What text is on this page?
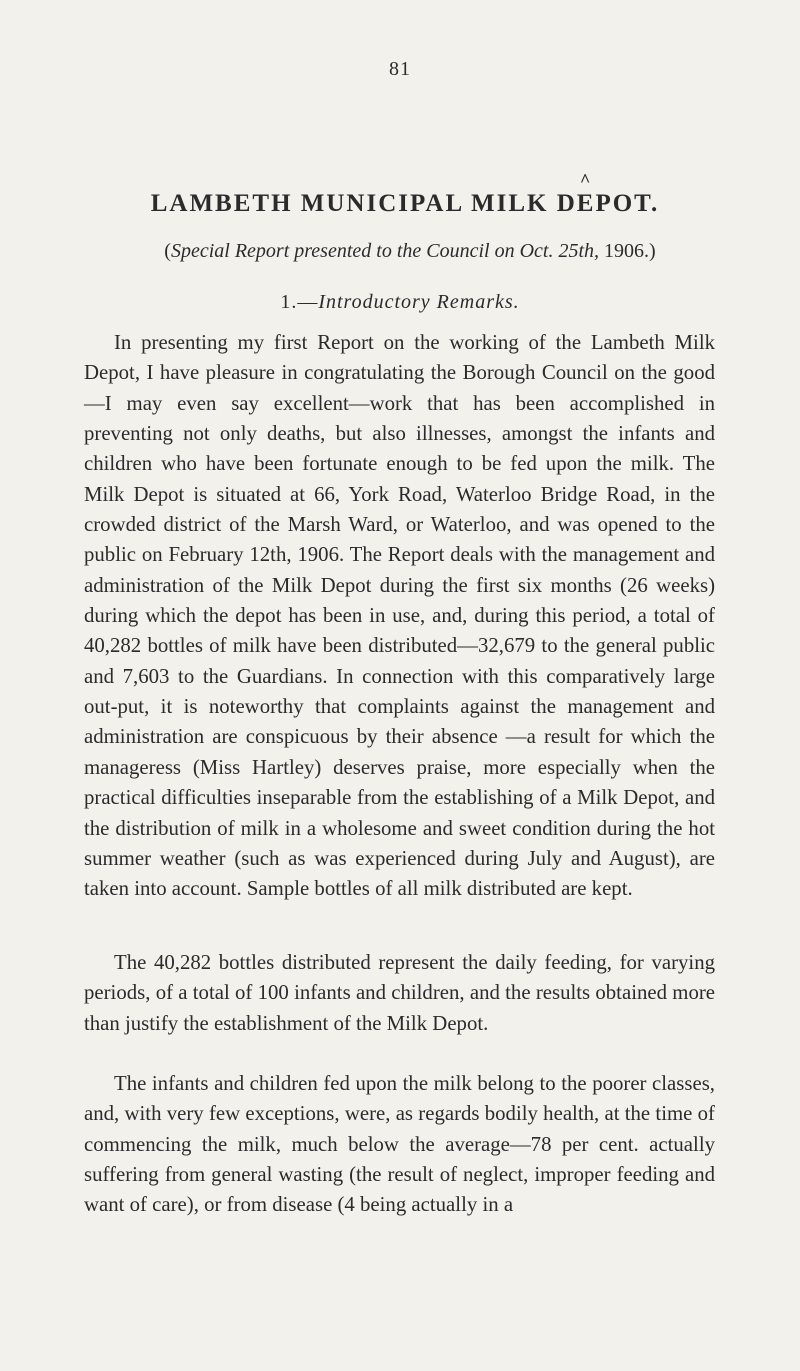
81
LAMBETH MUNICIPAL MILK DE
^
POT.
(Special Report presented to the Council on Oct. 25th, 1906.)
1.—Introductory Remarks.

In presenting my first Report on the working of the Lambeth Milk Depot, I have pleasure in congratulating the Borough Council on the good—I may even say excellent—work that has been accomplished in preventing not only deaths, but also illnesses, amongst the infants and children who have been fortunate enough to be fed upon the milk. The Milk Depot is situated at 66, York Road, Waterloo Bridge Road, in the crowded district of the Marsh Ward, or Waterloo, and was opened to the public on February 12th, 1906. The Report deals with the management and administration of the Milk Depot during the first six months (26 weeks) during which the depot has been in use, and, during this period, a total of 40,282 bottles of milk have been distributed—32,679 to the general public and 7,603 to the Guardians. In connection with this comparatively large out-put, it is noteworthy that complaints against the management and administration are conspicuous by their absence —a result for which the manageress (Miss Hartley) deserves praise, more especially when the practical difficulties inseparable from the establishing of a Milk Depot, and the distribution of milk in a wholesome and sweet condition during the hot summer weather (such as was experienced during July and August), are taken into account. Sample bottles of all milk distributed are kept.

The 40,282 bottles distributed represent the daily feeding, for varying periods, of a total of 100 infants and children, and the results obtained more than justify the establishment of the Milk Depot.

The infants and children fed upon the milk belong to the poorer classes, and, with very few exceptions, were, as regards bodily health, at the time of commencing the milk, much below the average—78 per cent. actually suffering from general wasting (the result of neglect, improper feeding and want of care), or from disease (4 being actually in a
